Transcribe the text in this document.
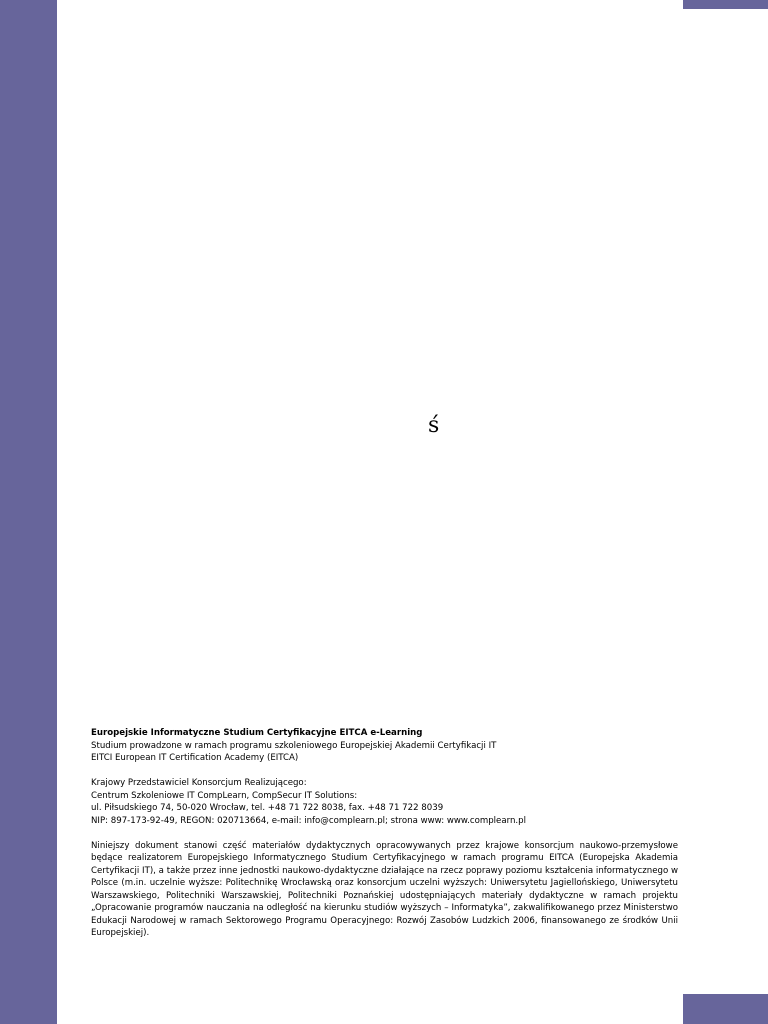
ś
Europejskie Informatyczne Studium Certyfikacyjne EITCA e-Learning
Studium prowadzone w ramach programu szkoleniowego Europejskiej Akademii Certyfikacji IT
EITCI European IT Certification Academy (EITCA)
Krajowy Przedstawiciel Konsorcjum Realizującego:
Centrum Szkoleniowe IT CompLearn, CompSecur IT Solutions:
ul. Piłsudskiego 74, 50-020 Wrocław, tel. +48 71 722 8038, fax. +48 71 722 8039
NIP: 897-173-92-49, REGON: 020713664, e-mail: info@complearn.pl; strona www: www.complearn.pl
Niniejszy dokument stanowi część materiałów dydaktycznych opracowywanych przez krajowe konsorcjum naukowo-przemysłowe będące realizatorem Europejskiego Informatycznego Studium Certyfikacyjnego w ramach programu EITCA (Europejska Akademia Certyfikacji IT), a także przez inne jednostki naukowo-dydaktyczne działające na rzecz poprawy poziomu kształcenia informatycznego w Polsce (m.in. uczelnie wyższe: Politechnikę Wrocławską oraz konsorcjum uczelni wyższych: Uniwersytetu Jagiellońskiego, Uniwersytetu Warszawskiego, Politechniki Warszawskiej, Politechniki Poznańskiej udostępniających materiały dydaktyczne w ramach projektu „Opracowanie programów nauczania na odległość na kierunku studiów wyższych – Informatyka”, zakwalifikowanego przez Ministerstwo Edukacji Narodowej w ramach Sektorowego Programu Operacyjnego: Rozwój Zasobów Ludzkich 2006, finansowanego ze środków Unii Europejskiej).
